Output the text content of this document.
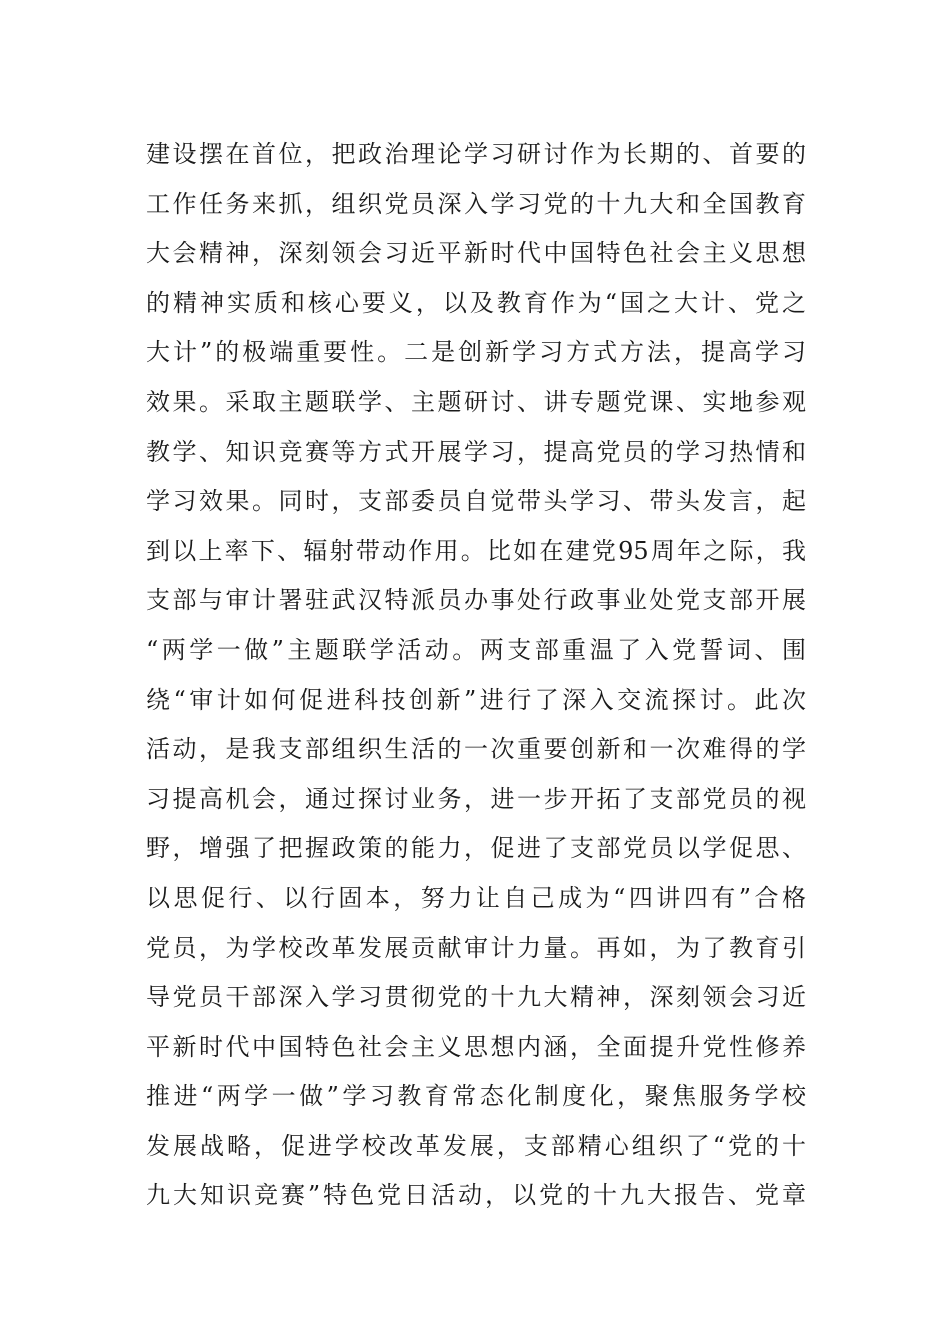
建设摆在首位，把政治理论学习研讨作为长期的、首要的
工作任务来抓，组织党员深入学习党的十九大和全国教育
大会精神，深刻领会习近平新时代中国特色社会主义思想
的精神实质和核心要义，以及教育作为“国之大计、党之
大计”的极端重要性。二是创新学习方式方法，提高学习
效果。采取主题联学、主题研讨、讲专题党课、实地参观
教学、知识竞赛等方式开展学习，提高党员的学习热情和
学习效果。同时，支部委员自觉带头学习、带头发言，起
到以上率下、辐射带动作用。比如在建党95周年之际，我
支部与审计署驻武汉特派员办事处行政事业处党支部开展
“两学一做”主题联学活动。两支部重温了入党誓词、围
绕“审计如何促进科技创新”进行了深入交流探讨。此次
活动，是我支部组织生活的一次重要创新和一次难得的学
习提高机会，通过探讨业务，进一步开拓了支部党员的视
野，增强了把握政策的能力，促进了支部党员以学促思、
以思促行、以行固本，努力让自己成为“四讲四有”合格
党员，为学校改革发展贡献审计力量。再如，为了教育引
导党员干部深入学习贯彻党的十九大精神，深刻领会习近
平新时代中国特色社会主义思想内涵，全面提升党性修养
推进“两学一做”学习教育常态化制度化，聚焦服务学校
发展战略，促进学校改革发展，支部精心组织了“党的十
九大知识竞赛”特色党日活动，以党的十九大报告、党章
